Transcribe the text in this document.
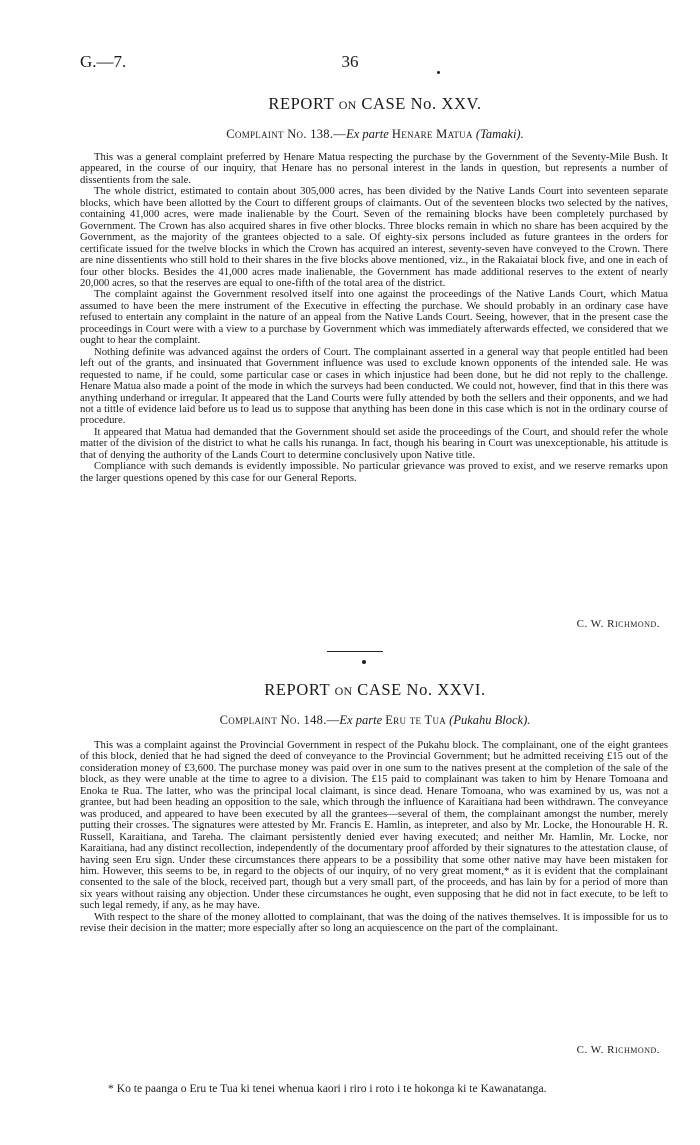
G.—7.	36
REPORT on CASE No. XXV.
Complaint No. 138.—Ex parte Henare Matua (Tamaki).

This was a general complaint preferred by Henare Matua respecting the purchase by the Government of the Seventy-Mile Bush. It appeared, in the course of our inquiry, that Henare has no personal interest in the lands in question, but represents a number of dissentients from the sale.

The whole district, estimated to contain about 305,000 acres, has been divided by the Native Lands Court into seventeen separate blocks, which have been allotted by the Court to different groups of claimants. Out of the seventeen blocks two selected by the natives, containing 41,000 acres, were made inalienable by the Court. Seven of the remaining blocks have been completely purchased by Government. The Crown has also acquired shares in five other blocks. Three blocks remain in which no share has been acquired by the Government, as the majority of the grantees objected to a sale. Of eighty-six persons included as future grantees in the orders for certificate issued for the twelve blocks in which the Crown has acquired an interest, seventy-seven have conveyed to the Crown. There are nine dissentients who still hold to their shares in the five blocks above mentioned, viz., in the Rakaiatai block five, and one in each of four other blocks. Besides the 41,000 acres made inalienable, the Government has made additional reserves to the extent of nearly 20,000 acres, so that the reserves are equal to one-fifth of the total area of the district.

The complaint against the Government resolved itself into one against the proceedings of the Native Lands Court, which Matua assumed to have been the mere instrument of the Executive in effecting the purchase. We should probably in an ordinary case have refused to entertain any complaint in the nature of an appeal from the Native Lands Court. Seeing, however, that in the present case the proceedings in Court were with a view to a purchase by Government which was immediately afterwards effected, we considered that we ought to hear the complaint.

Nothing definite was advanced against the orders of Court. The complainant asserted in a general way that people entitled had been left out of the grants, and insinuated that Government influence was used to exclude known opponents of the intended sale. He was requested to name, if he could, some particular case or cases in which injustice had been done, but he did not reply to the challenge. Henare Matua also made a point of the mode in which the surveys had been conducted. We could not, however, find that in this there was anything underhand or irregular. It appeared that the Land Courts were fully attended by both the sellers and their opponents, and we had not a tittle of evidence laid before us to lead us to suppose that anything has been done in this case which is not in the ordinary course of procedure.

It appeared that Matua had demanded that the Government should set aside the proceedings of the Court, and should refer the whole matter of the division of the district to what he calls his runanga. In fact, though his bearing in Court was unexceptionable, his attitude is that of denying the authority of the Lands Court to determine conclusively upon Native title.

Compliance with such demands is evidently impossible. No particular grievance was proved to exist, and we reserve remarks upon the larger questions opened by this case for our General Reports.

C. W. Richmond.
REPORT on CASE No. XXVI.
Complaint No. 148.—Ex parte Eru te Tua (Pukahu Block).

This was a complaint against the Provincial Government in respect of the Pukahu block. The complainant, one of the eight grantees of this block, denied that he had signed the deed of conveyance to the Provincial Government; but he admitted receiving £15 out of the consideration money of £3,600. The purchase money was paid over in one sum to the natives present at the completion of the sale of the block, as they were unable at the time to agree to a division. The £15 paid to complainant was taken to him by Henare Tomoana and Enoka te Rua. The latter, who was the principal local claimant, is since dead. Henare Tomoana, who was examined by us, was not a grantee, but had been heading an opposition to the sale, which through the influence of Karaitiana had been withdrawn. The conveyance was produced, and appeared to have been executed by all the grantees—several of them, the complainant amongst the number, merely putting their crosses. The signatures were attested by Mr. Francis E. Hamlin, as intepreter, and also by Mr. Locke, the Honourable H. R. Russell, Karaitiana, and Tareha. The claimant persistently denied ever having executed; and neither Mr. Hamlin, Mr. Locke, nor Karaitiana, had any distinct recollection, independently of the documentary proof afforded by their signatures to the attestation clause, of having seen Eru sign. Under these circumstances there appears to be a possibility that some other native may have been mistaken for him. However, this seems to be, in regard to the objects of our inquiry, of no very great moment,* as it is evident that the complainant consented to the sale of the block, received part, though but a very small part, of the proceeds, and has lain by for a period of more than six years without raising any objection. Under these circumstances he ought, even supposing that he did not in fact execute, to be left to such legal remedy, if any, as he may have.

With respect to the share of the money allotted to complainant, that was the doing of the natives themselves. It is impossible for us to revise their decision in the matter; more especially after so long an acquiescence on the part of the complainant.

C. W. Richmond.
* Ko te paanga o Eru te Tua ki tenei whenua kaori i riro i roto i te hokonga ki te Kawanatanga.
